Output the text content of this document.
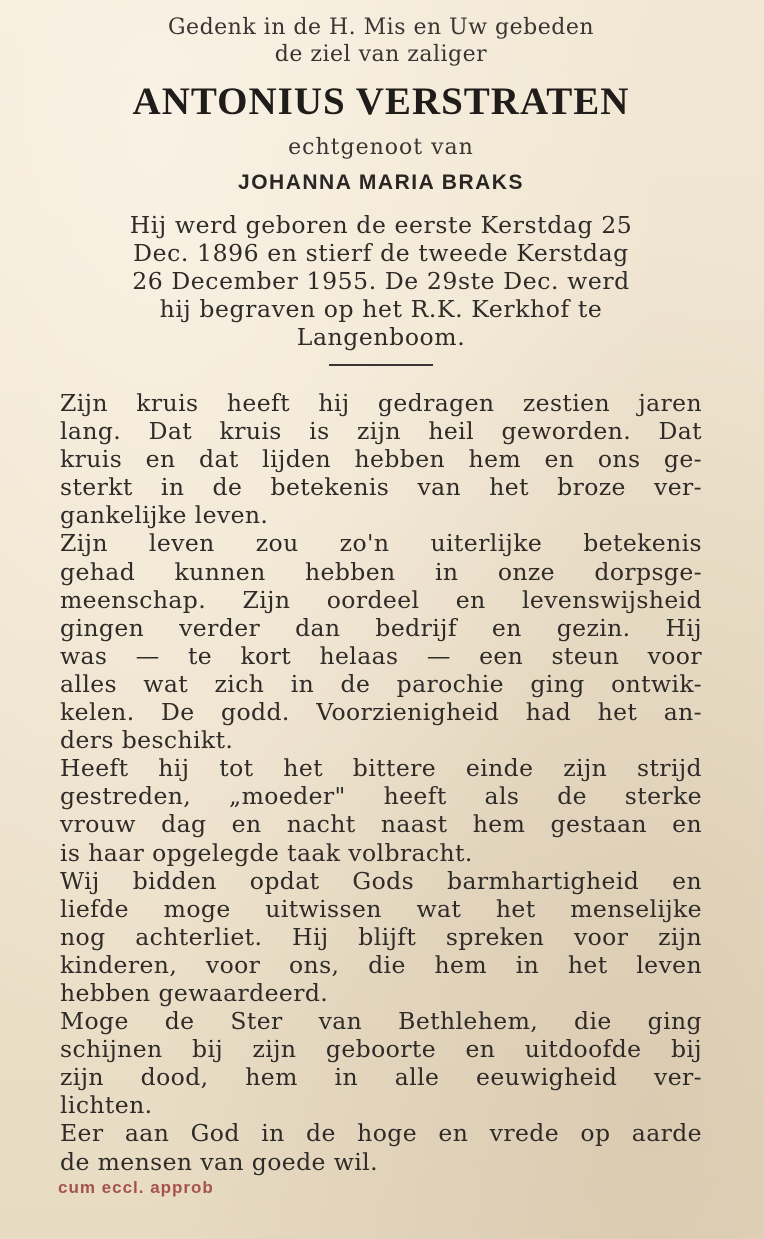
Gedenk in de H. Mis en Uw gebeden
de ziel van zaliger
ANTONIUS VERSTRATEN
echtgenoot van
JOHANNA MARIA BRAKS
Hij werd geboren de eerste Kerstdag 25
Dec. 1896 en stierf de tweede Kerstdag
26 December 1955. De 29ste Dec. werd
hij begraven op het R.K. Kerkhof te
Langenboom.
Zijn kruis heeft hij gedragen zestien jaren
lang. Dat kruis is zijn heil geworden. Dat
kruis en dat lijden hebben hem en ons ge-
sterkt in de betekenis van het broze ver-
gankelijke leven.
Zijn leven zou zo'n uiterlijke betekenis
gehad kunnen hebben in onze dorpsge-
meenschap. Zijn oordeel en levenswijsheid
gingen verder dan bedrijf en gezin. Hij
was — te kort helaas — een steun voor
alles wat zich in de parochie ging ontwik-
kelen. De godd. Voorzienigheid had het an-
ders beschikt.
Heeft hij tot het bittere einde zijn strijd
gestreden, „moeder" heeft als de sterke
vrouw dag en nacht naast hem gestaan en
is haar opgelegde taak volbracht.
Wij bidden opdat Gods barmhartigheid en
liefde moge uitwissen wat het menselijke
nog achterliet. Hij blijft spreken voor zijn
kinderen, voor ons, die hem in het leven
hebben gewaardeerd.
Moge de Ster van Bethlehem, die ging
schijnen bij zijn geboorte en uitdoofde bij
zijn dood, hem in alle eeuwigheid ver-
lichten.
Eer aan God in de hoge en vrede op aarde
de mensen van goede wil.
cum eccl. approb
